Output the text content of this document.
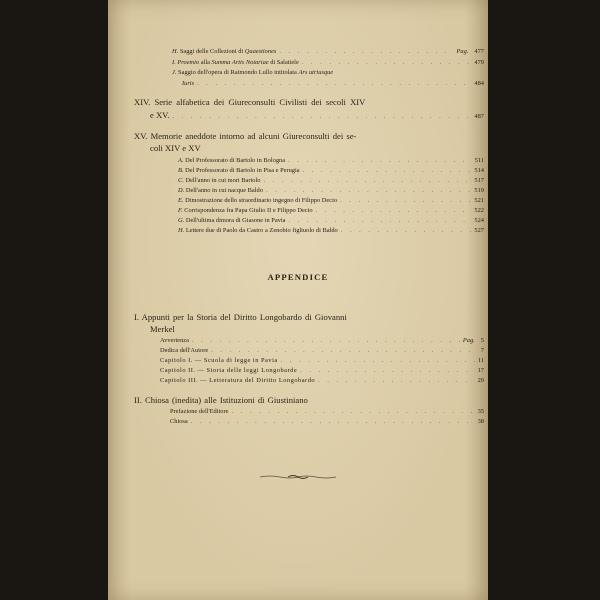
H. Saggi delle Collezioni di Quaestiones . . .	Pag. 477
I. Proemio alla Summa Artis Notariae di Salatiele . . .	479
J. Saggio dell'opera di Raimondo Lullo intitolata Ars utriusque
Iuris . . .	484
XIV. Serie alfabetica dei Giureconsulti Civilisti dei secoli XIV
e XV. . . .	487
XV. Memorie aneddote intorno ad alcuni Giureconsulti dei se-
coli XIV e XV
A. Del Professorato di Bartolo in Bologna . . .	511
B. Del Professorato di Bartolo in Pisa e Perugia . . .	514
C. Dell'anno in cui mori Bartolo . . .	517
D. Dell'anno in cui nacque Baldo . . .	519
E. Dimostrazione dello straordinario ingegno di Filippo Decio . . .	521
F. Corrispondenza fra Papa Giulio II e Filippo Decio . . .	522
G. Dell'ultima dimora di Giasone in Pavia . . .	524
H. Lettere due di Paolo da Castro a Zenobio figliuolo di Baldo . . .	527
APPENDICE
I. Appunti per la Storia del Diritto Longobardo di Giovanni
Merkel
Avvertenza . . .	Pag. 5
Dedica dell'Autore . . .	7
Capitolo I. — Scuola di legge in Pavia . . .	11
Capitolo II. — Storia delle leggi Longobarde . . .	17
Capitolo III. — Letteratura del Diritto Longobardo . . .	29
II. Chiosa (inedita) alle Istituzioni di Giustiniano
Prefazione dell'Editore . . .	35
Chiosa . . .	38
